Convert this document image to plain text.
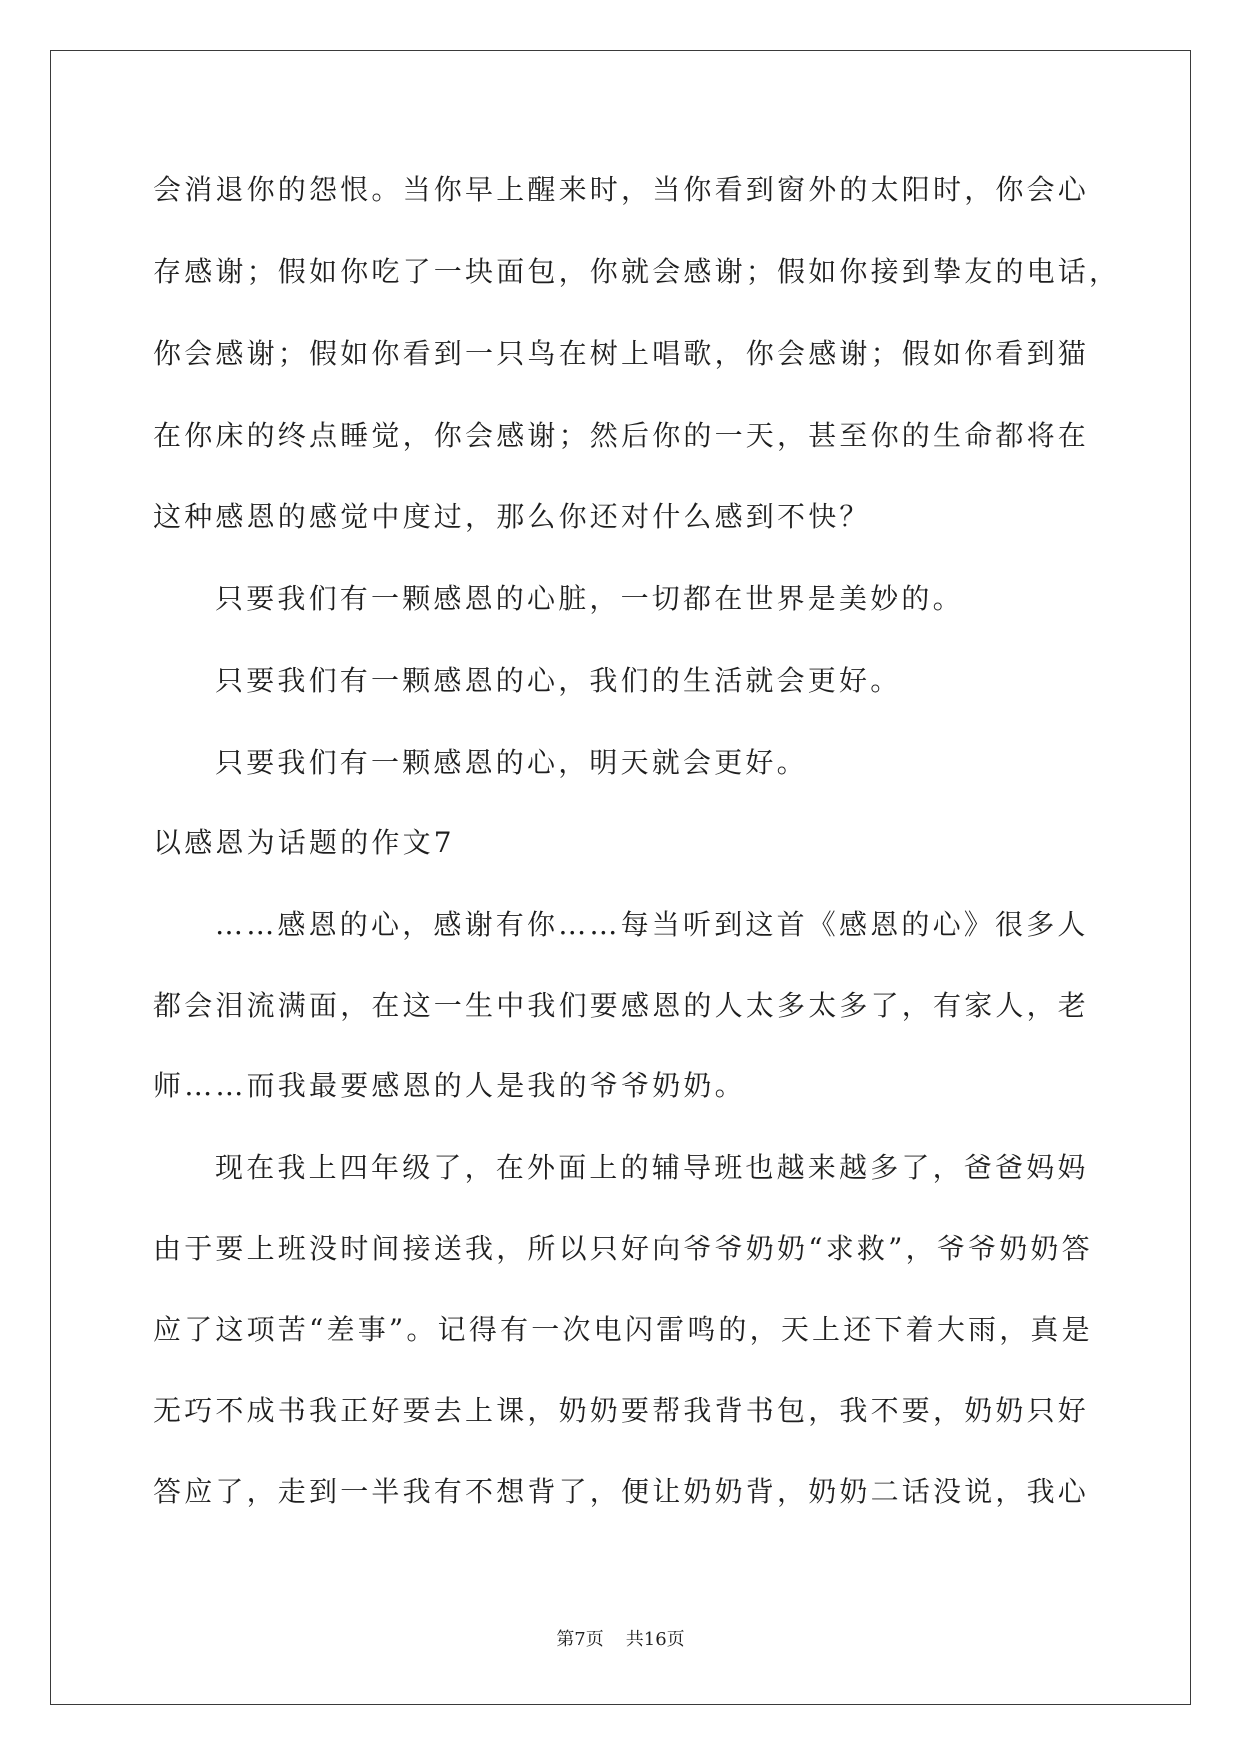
会消退你的怨恨。当你早上醒来时，当你看到窗外的太阳时，你会心
存感谢；假如你吃了一块面包，你就会感谢；假如你接到挚友的电话，
你会感谢；假如你看到一只鸟在树上唱歌，你会感谢；假如你看到猫
在你床的终点睡觉，你会感谢；然后你的一天，甚至你的生命都将在
这种感恩的感觉中度过，那么你还对什么感到不快？
只要我们有一颗感恩的心脏，一切都在世界是美妙的。
只要我们有一颗感恩的心，我们的生活就会更好。
只要我们有一颗感恩的心，明天就会更好。
以感恩为话题的作文7
……感恩的心，感谢有你……每当听到这首《感恩的心》很多人
都会泪流满面，在这一生中我们要感恩的人太多太多了，有家人，老
师……而我最要感恩的人是我的爷爷奶奶。
现在我上四年级了，在外面上的辅导班也越来越多了，爸爸妈妈
由于要上班没时间接送我，所以只好向爷爷奶奶“求救”，爷爷奶奶答
应了这项苦“差事”。记得有一次电闪雷鸣的，天上还下着大雨，真是
无巧不成书我正好要去上课，奶奶要帮我背书包，我不要，奶奶只好
答应了，走到一半我有不想背了，便让奶奶背，奶奶二话没说，我心
第7页 共16页
